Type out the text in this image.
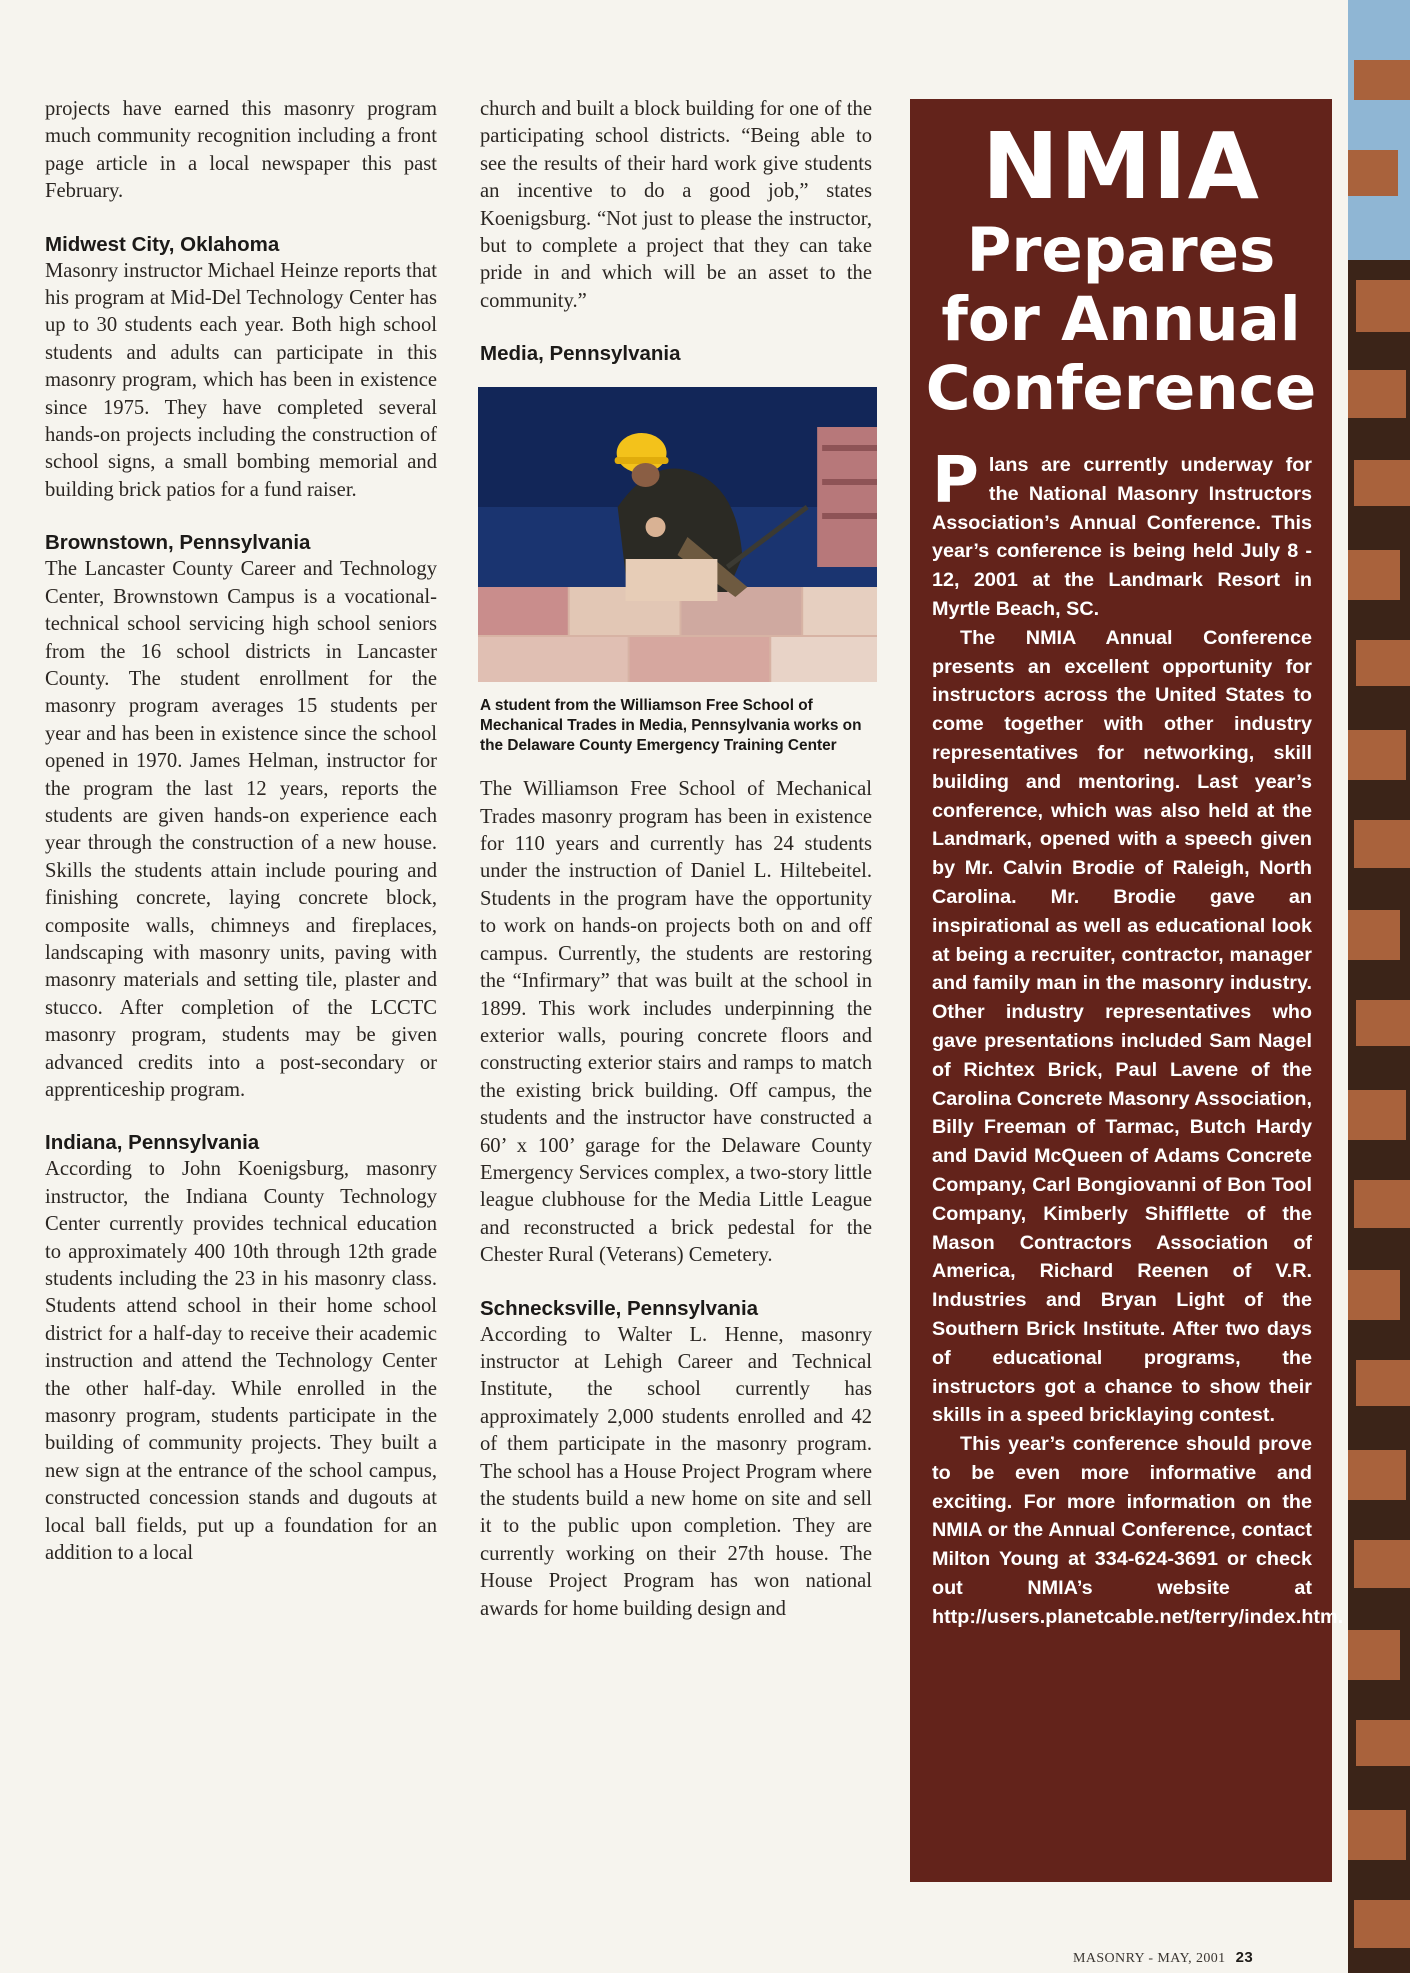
projects have earned this masonry program much community recognition including a front page article in a local newspaper this past February.

Midwest City, Oklahoma

Masonry instructor Michael Heinze reports that his program at Mid-Del Technology Center has up to 30 students each year. Both high school students and adults can participate in this masonry program, which has been in existence since 1975. They have completed several hands-on projects including the construction of school signs, a small bombing memorial and building brick patios for a fund raiser.

Brownstown, Pennsylvania

The Lancaster County Career and Technology Center, Brownstown Campus is a vocational-technical school servicing high school seniors from the 16 school districts in Lancaster County. The student enrollment for the masonry program averages 15 students per year and has been in existence since the school opened in 1970. James Helman, instructor for the program the last 12 years, reports the students are given hands-on experience each year through the construction of a new house. Skills the students attain include pouring and finishing concrete, laying concrete block, composite walls, chimneys and fireplaces, landscaping with masonry units, paving with masonry materials and setting tile, plaster and stucco. After completion of the LCCTC masonry program, students may be given advanced credits into a post-secondary or apprenticeship program.

Indiana, Pennsylvania

According to John Koenigsburg, masonry instructor, the Indiana County Technology Center currently provides technical education to approximately 400 10th through 12th grade students including the 23 in his masonry class. Students attend school in their home school district for a half-day to receive their academic instruction and attend the Technology Center the other half-day. While enrolled in the masonry program, students participate in the building of community projects. They built a new sign at the entrance of the school campus, constructed concession stands and dugouts at local ball fields, put up a foundation for an addition to a local

church and built a block building for one of the participating school districts. “Being able to see the results of their hard work give students an incentive to do a good job,” states Koenigsburg. “Not just to please the instructor, but to complete a project that they can take pride in and which will be an asset to the community.”

Media, Pennsylvania
A student from the Williamson Free School of Mechanical Trades in Media, Pennsylvania works on the Delaware County Emergency Training Center

The Williamson Free School of Mechanical Trades masonry program has been in existence for 110 years and currently has 24 students under the instruction of Daniel L. Hiltebeitel. Students in the program have the opportunity to work on hands-on projects both on and off campus. Currently, the students are restoring the “Infirmary” that was built at the school in 1899. This work includes underpinning the exterior walls, pouring concrete floors and constructing exterior stairs and ramps to match the existing brick building. Off campus, the students and the instructor have constructed a 60’ x 100’ garage for the Delaware County Emergency Services complex, a two-story little league clubhouse for the Media Little League and reconstructed a brick pedestal for the Chester Rural (Veterans) Cemetery.

Schnecksville, Pennsylvania

According to Walter L. Henne, masonry instructor at Lehigh Career and Technical Institute, the school currently has approximately 2,000 students enrolled and 42 of them participate in the masonry program. The school has a House Project Program where the students build a new home on site and sell it to the public upon completion. They are currently working on their 27th house. The House Project Program has won national awards for home building design and

NMIA
Prepares
for Annual
Conference

Plans are currently underway for the National Masonry Instructors Association’s Annual Conference. This year’s conference is being held July 8 - 12, 2001 at the Landmark Resort in Myrtle Beach, SC.

The NMIA Annual Conference presents an excellent opportunity for instructors across the United States to come together with other industry representatives for networking, skill building and mentoring. Last year’s conference, which was also held at the Landmark, opened with a speech given by Mr. Calvin Brodie of Raleigh, North Carolina. Mr. Brodie gave an inspirational as well as educational look at being a recruiter, contractor, manager and family man in the masonry industry. Other industry representatives who gave presentations included Sam Nagel of Richtex Brick, Paul Lavene of the Carolina Concrete Masonry Association, Billy Freeman of Tarmac, Butch Hardy and David McQueen of Adams Concrete Company, Carl Bongiovanni of Bon Tool Company, Kimberly Shifflette of the Mason Contractors Association of America, Richard Reenen of V.R. Industries and Bryan Light of the Southern Brick Institute. After two days of educational programs, the instructors got a chance to show their skills in a speed bricklaying contest.

This year’s conference should prove to be even more informative and exciting. For more information on the NMIA or the Annual Conference, contact Milton Young at 334-624-3691 or check out NMIA’s website at http://users.planetcable.net/terry/index.htm.

MASONRY - MAY, 2001 23
